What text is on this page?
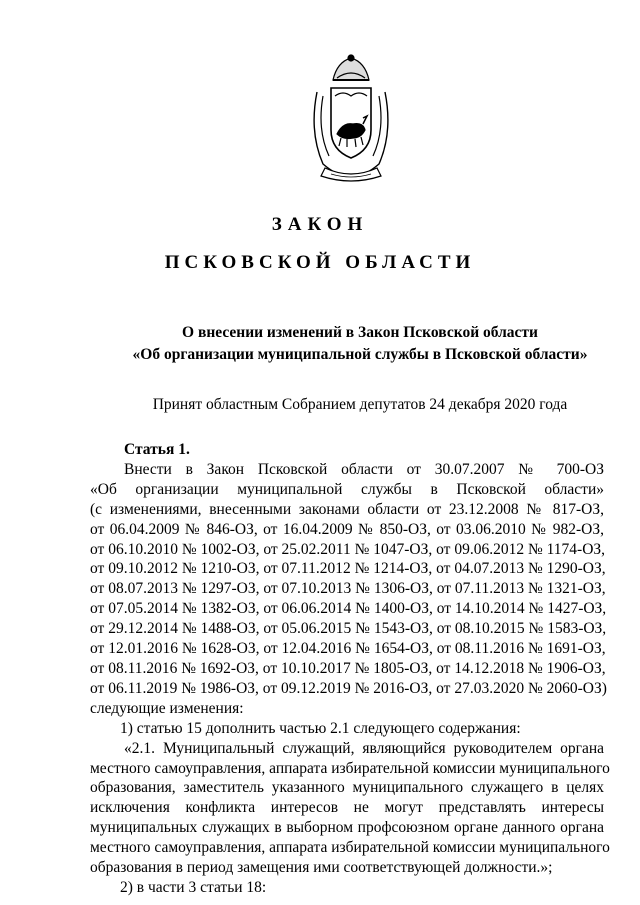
ЗАКОН
ПСКОВСКОЙ ОБЛАСТИ
О внесении изменений в Закон Псковской области
«Об организации муниципальной службы в Псковской области»
Принят областным Собранием депутатов 24 декабря 2020 года
Статья 1.
Внести в Закон Псковской области от 30.07.2007 № 700-ОЗ
«Об организации муниципальной службы в Псковской области»
(с изменениями, внесенными законами области от 23.12.2008 № 817-ОЗ,
от 06.04.2009 № 846-ОЗ, от 16.04.2009 № 850-ОЗ, от 03.06.2010 № 982-ОЗ,
от 06.10.2010 № 1002-ОЗ, от 25.02.2011 № 1047-ОЗ, от 09.06.2012 № 1174-ОЗ,
от 09.10.2012 № 1210-ОЗ, от 07.11.2012 № 1214-ОЗ, от 04.07.2013 № 1290-ОЗ,
от 08.07.2013 № 1297-ОЗ, от 07.10.2013 № 1306-ОЗ, от 07.11.2013 № 1321-ОЗ,
от 07.05.2014 № 1382-ОЗ, от 06.06.2014 № 1400-ОЗ, от 14.10.2014 № 1427-ОЗ,
от 29.12.2014 № 1488-ОЗ, от 05.06.2015 № 1543-ОЗ, от 08.10.2015 № 1583-ОЗ,
от 12.01.2016 № 1628-ОЗ, от 12.04.2016 № 1654-ОЗ, от 08.11.2016 № 1691-ОЗ,
от 08.11.2016 № 1692-ОЗ, от 10.10.2017 № 1805-ОЗ, от 14.12.2018 № 1906-ОЗ,
от 06.11.2019 № 1986-ОЗ, от 09.12.2019 № 2016-ОЗ, от 27.03.2020 № 2060-ОЗ)
следующие изменения:
1) статью 15 дополнить частью 2.1 следующего содержания:
«2.1. Муниципальный служащий, являющийся руководителем органа
местного самоуправления, аппарата избирательной комиссии муниципального
образования, заместитель указанного муниципального служащего в целях
исключения конфликта интересов не могут представлять интересы
муниципальных служащих в выборном профсоюзном органе данного органа
местного самоуправления, аппарата избирательной комиссии муниципального
образования в период замещения ими соответствующей должности.»;
2) в части 3 статьи 18:
